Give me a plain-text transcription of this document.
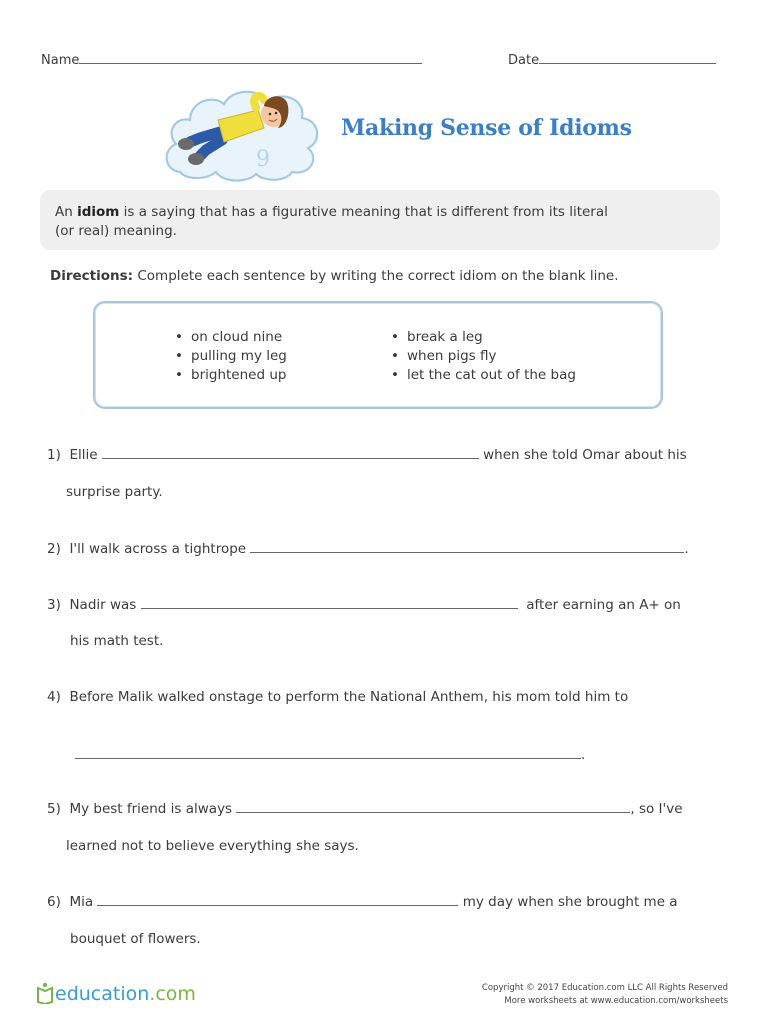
Name	Date
9
Making Sense of Idioms
An idiom is a saying that has a figurative meaning that is different from its literal
(or real) meaning.
Directions: Complete each sentence by writing the correct idiom on the blank line.
• on cloud nine
• pulling my leg
• brightened up
• break a leg
• when pigs fly
• let the cat out of the bag
1) Ellie	when she told Omar about his
surprise party.
2) I'll walk across a tightrope	.
3) Nadir was	after earning an A+ on
his math test.
4) Before Malik walked onstage to perform the National Anthem, his mom told him to
.
5) My best friend is always	, so I've
learned not to believe everything she says.
6) Mia	my day when she brought me a
bouquet of flowers.
education.com	Copyright © 2017 Education.com LLC All Rights Reserved
More worksheets at www.education.com/worksheets
